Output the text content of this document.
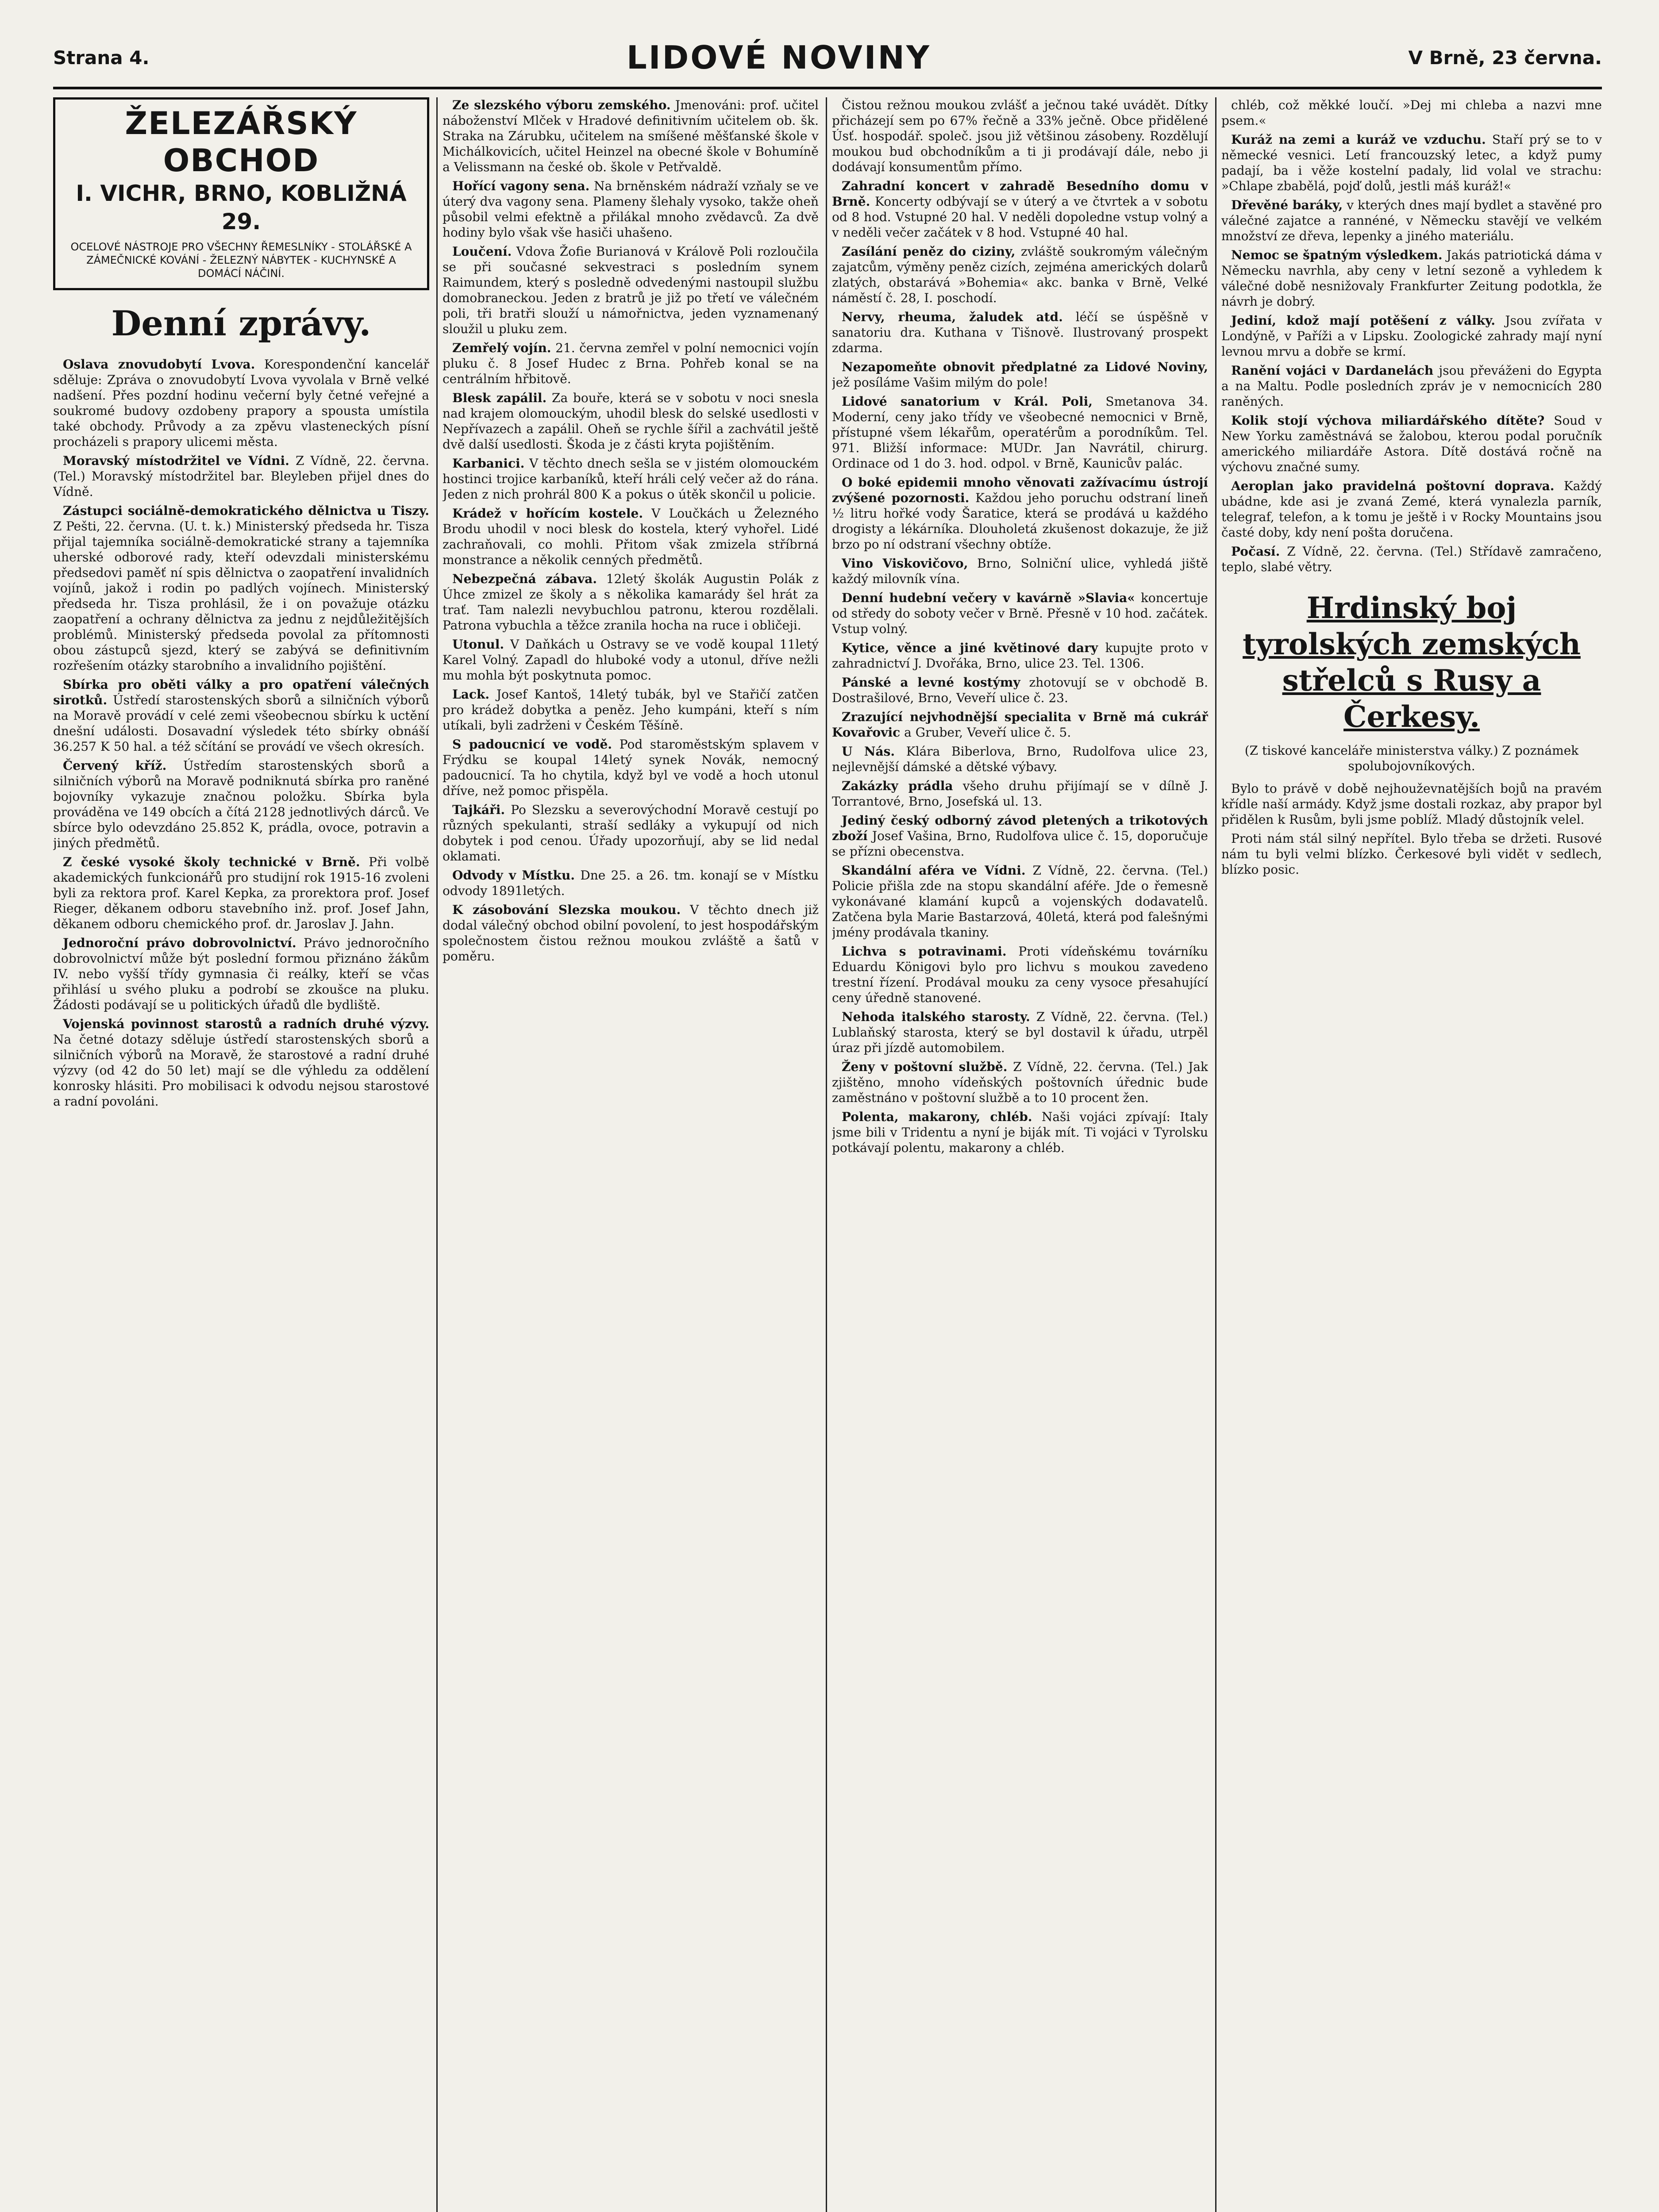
Strana 4.	LIDOVÉ NOVINY	V Brně, 23 června.
ŽELEZÁŘSKÝ OBCHOD
I. VICHR, BRNO, KOBLIŽNÁ 29.
OCELOVÉ NÁSTROJE PRO VŠECHNY ŘEMESLNÍKY - STOLÁŘSKÉ A ZÁMEČNICKÉ KOVÁNÍ - ŽELEZNÝ NÁBYTEK - KUCHYNSKÉ A DOMÁCÍ NÁČINÍ.
Denní zprávy.

Oslava znovudobytí Lvova. Korespondenční kancelář sděluje: Zpráva o znovudobytí Lvova vyvolala v Brně velké nadšení. Přes pozdní hodinu večerní byly četné veřejné a soukromé budovy ozdobeny prapory a spousta umístila také obchody. Průvody a za zpěvu vlasteneckých písní procházeli s prapory ulicemi města.

Moravský místodržitel ve Vídni. Z Vídně, 22. června. (Tel.) Moravský místodržitel bar. Bleyleben přijel dnes do Vídně.

Zástupci sociálně-demokratického dělnictva u Tiszy. Z Pešti, 22. června. (U. t. k.) Ministerský předseda hr. Tisza přijal tajemníka sociálně-demokratické strany a tajemníka uherské odborové rady, kteří odevzdali ministerskému předsedovi paměť ní spis dělnictva o zaopatření invalidních vojínů, jakož i rodin po padlých vojínech. Ministerský předseda hr. Tisza prohlásil, že i on považuje otázku zaopatření a ochrany dělnictva za jednu z nejdůležitějších problémů. Ministerský předseda povolal za přítomnosti obou zástupců sjezd, který se zabývá se definitivním rozřešením otázky starobního a invalidního pojištění.

Sbírka pro oběti války a pro opatření válečných sirotků. Ústředí starostenských sborů a silničních výborů na Moravě provádí v celé zemi všeobecnou sbírku k uctění dnešní události. Dosavadní výsledek této sbírky obnáší 36.257 K 50 hal. a též sčítání se provádí ve všech okresích.

Červený kříž. Ústředím starostenských sborů a silničních výborů na Moravě podniknutá sbírka pro raněné bojovníky vykazuje značnou položku. Sbírka byla prováděna ve 149 obcích a čítá 2128 jednotlivých dárců. Ve sbírce bylo odevzdáno 25.852 K, prádla, ovoce, potravin a jiných předmětů.

Z české vysoké školy technické v Brně. Při volbě akademických funkcionářů pro studijní rok 1915-16 zvoleni byli za rektora prof. Karel Kepka, za prorektora prof. Josef Rieger, děkanem odboru stavebního inž. prof. Josef Jahn, děkanem odboru chemického prof. dr. Jaroslav J. Jahn.

Jednoroční právo dobrovolnictví. Právo jednoročního dobrovolnictví může být poslední formou přiznáno žákům IV. nebo vyšší třídy gymnasia či reálky, kteří se včas přihlásí u svého pluku a podrobí se zkoušce na pluku. Žádosti podávají se u politických úřadů dle bydliště.

Vojenská povinnost starostů a radních druhé výzvy. Na četné dotazy sděluje ústředí starostenských sborů a silničních výborů na Moravě, že starostové a radní druhé výzvy (od 42 do 50 let) mají se dle výhledu za oddělení konrosky hlásiti. Pro mobilisaci k odvodu nejsou starostové a radní povoláni.

Ze slezského výboru zemského. Jmenováni: prof. učitel náboženství Mlček v Hradové definitivním učitelem ob. šk. Straka na Zárubku, učitelem na smíšené měšťanské škole v Michálkovicích, učitel Heinzel na obecné škole v Bohumíně a Velissmann na české ob. škole v Petřvaldě.

Hořící vagony sena. Na brněnském nádraží vzňaly se ve úterý dva vagony sena. Plameny šlehaly vysoko, takže oheň působil velmi efektně a přilákal mnoho zvědavců. Za dvě hodiny bylo však vše hasiči uhašeno.

Loučení. Vdova Žofie Burianová v Králově Poli rozloučila se při současné sekvestraci s posledním synem Raimundem, který s posledně odvedenými nastoupil službu domobraneckou. Jeden z bratrů je již po třetí ve válečném poli, tři bratři slouží u námořnictva, jeden vyznamenaný sloužil u pluku zem.

Zemřelý vojín. 21. června zemřel v polní nemocnici vojín pluku č. 8 Josef Hudec z Brna. Pohřeb konal se na centrálním hřbitově.

Blesk zapálil. Za bouře, která se v sobotu v noci snesla nad krajem olomouckým, uhodil blesk do selské usedlosti v Nepřívazech a zapálil. Oheň se rychle šířil a zachvátil ještě dvě další usedlosti. Škoda je z části kryta pojištěním.

Karbanici. V těchto dnech sešla se v jistém olomouckém hostinci trojice karbaníků, kteří hráli celý večer až do rána. Jeden z nich prohrál 800 K a pokus o útěk skončil u policie.

Krádež v hořícím kostele. V Loučkách u Železného Brodu uhodil v noci blesk do kostela, který vyhořel. Lidé zachraňovali, co mohli. Přitom však zmizela stříbrná monstrance a několik cenných předmětů.

Nebezpečná zábava. 12letý školák Augustin Polák z Úhce zmizel ze školy a s několika kamarády šel hrát za trať. Tam nalezli nevybuchlou patronu, kterou rozdělali. Patrona vybuchla a těžce zranila hocha na ruce i obličeji.

Utonul. V Daňkách u Ostravy se ve vodě koupal 11letý Karel Volný. Zapadl do hluboké vody a utonul, dříve nežli mu mohla být poskytnuta pomoc.

Lack. Josef Kantoš, 14letý tubák, byl ve Stařičí zatčen pro krádež dobytka a peněz. Jeho kumpáni, kteří s ním utíkali, byli zadrženi v Českém Těšíně.

S padoucnicí ve vodě. Pod staroměstským splavem v Frýdku se koupal 14letý synek Novák, nemocný padoucnicí. Ta ho chytila, když byl ve vodě a hoch utonul dříve, než pomoc přispěla.

Tajkáři. Po Slezsku a severovýchodní Moravě cestují po různých spekulanti, straší sedláky a vykupují od nich dobytek i pod cenou. Úřady upozorňují, aby se lid nedal oklamati.

Odvody v Místku. Dne 25. a 26. tm. konají se v Místku odvody 1891letých.

K zásobování Slezska moukou. V těchto dnech již dodal válečný obchod obilní povolení, to jest hospodářským společnostem čistou režnou moukou zvláště a šatů v poměru.

Čistou režnou moukou zvlášť a ječnou také uvádět. Dítky přicházejí sem po 67% řečně a 33% ječně. Obce přidělené Úsť. hospodář. společ. jsou již většinou zásobeny. Rozdělují moukou bud obchodníkům a ti ji prodávají dále, nebo ji dodávají konsumentům přímo.

Zahradní koncert v zahradě Besedního domu v Brně. Koncerty odbývají se v úterý a ve čtvrtek a v sobotu od 8 hod. Vstupné 20 hal. V neděli dopoledne vstup volný a v neděli večer začátek v 8 hod. Vstupné 40 hal.

Zasílání peněz do ciziny, zvláště soukromým válečným zajatcům, výměny peněz cizích, zejména amerických dolarů zlatých, obstarává »Bohemia« akc. banka v Brně, Velké náměstí č. 28, I. poschodí.

Nervy, rheuma, žaludek atd. léčí se úspěšně v sanatoriu dra. Kuthana v Tišnově. Ilustrovaný prospekt zdarma.

Nezapomeňte obnovit předplatné za Lidové Noviny, jež posíláme Vašim milým do pole!

Lidové sanatorium v Král. Poli, Smetanova 34. Moderní, ceny jako třídy ve všeobecné nemocnici v Brně, přístupné všem lékařům, operatérům a porodníkům. Tel. 971. Bližší informace: MUDr. Jan Navrátil, chirurg. Ordinace od 1 do 3. hod. odpol. v Brně, Kaunicův palác.

O boké epidemii mnoho věnovati zažívacímu ústrojí zvýšené pozornosti. Každou jeho poruchu odstraní lineň ½ litru hořké vody Šaratice, která se prodává u každého drogisty a lékárníka. Dlouholetá zkušenost dokazuje, že již brzo po ní odstraní všechny obtíže.

Vino Viskovičovo, Brno, Solniční ulice, vyhledá jiště každý milovník vína.

Denní hudební večery v kavárně »Slavia« koncertuje od středy do soboty večer v Brně. Přesně v 10 hod. začátek. Vstup volný.

Kytice, věnce a jiné květinové dary kupujte proto v zahradnictví J. Dvořáka, Brno, ulice 23. Tel. 1306.

Pánské a levné kostýmy zhotovují se v obchodě B. Dostrašilové, Brno, Veveří ulice č. 23.

Zrazující nejvhodnější specialita v Brně má cukrář Kovařovic a Gruber, Veveří ulice č. 5.

U Nás. Klára Biberlova, Brno, Rudolfova ulice 23, nejlevnější dámské a dětské výbavy.

Zakázky prádla všeho druhu přijímají se v dílně J. Torrantové, Brno, Josefská ul. 13.

Jediný český odborný závod pletených a trikotových zboží Josef Vašina, Brno, Rudolfova ulice č. 15, doporučuje se přízni obecenstva.

Skandální aféra ve Vídni. Z Vídně, 22. června. (Tel.) Policie přišla zde na stopu skandální aféře. Jde o řemesně vykonávané klamání kupců a vojenských dodavatelů. Zatčena byla Marie Bastarzová, 40letá, která pod falešnými jmény prodávala tkaniny.

Lichva s potravinami. Proti vídeňskému továrníku Eduardu Königovi bylo pro lichvu s moukou zavedeno trestní řízení. Prodával mouku za ceny vysoce přesahující ceny úředně stanovené.

Nehoda italského starosty. Z Vídně, 22. června. (Tel.) Lublaňský starosta, který se byl dostavil k úřadu, utrpěl úraz při jízdě automobilem.

Ženy v poštovní službě. Z Vídně, 22. června. (Tel.) Jak zjištěno, mnoho vídeňských poštovních úřednic bude zaměstnáno v poštovní službě a to 10 procent žen.

Polenta, makarony, chléb. Naši vojáci zpívají: Italy jsme bili v Tridentu a nyní je biják mít. Ti vojáci v Tyrolsku potkávají polentu, makarony a chléb.

chléb, což měkké loučí. »Dej mi chleba a nazvi mne psem.«

Kuráž na zemi a kuráž ve vzduchu. Staří prý se to v německé vesnici. Letí francouzský letec, a když pumy padají, ba i věže kostelní padaly, lid volal ve strachu: »Chlape zbabělá, pojď dolů, jestli máš kuráž!«

Dřevěné baráky, v kterých dnes mají bydlet a stavěné pro válečné zajatce a rannéné, v Německu stavějí ve velkém množství ze dřeva, lepenky a jiného materiálu.

Nemoc se špatným výsledkem. Jakás patriotická dáma v Německu navrhla, aby ceny v letní sezoně a vyhledem k válečné době nesnižovaly Frankfurter Zeitung podotkla, že návrh je dobrý.

Jediní, kdož mají potěšení z války. Jsou zvířata v Londýně, v Paříži a v Lipsku. Zoologické zahrady mají nyní levnou mrvu a dobře se krmí.

Ranění vojáci v Dardanelách jsou převáženi do Egypta a na Maltu. Podle posledních zpráv je v nemocnicích 280 raněných.

Kolik stojí výchova miliardářského dítěte? Soud v New Yorku zaměstnává se žalobou, kterou podal poručník amerického miliardáře Astora. Dítě dostává ročně na výchovu značné sumy.

Aeroplan jako pravidelná poštovní doprava. Každý ubádne, kde asi je zvaná Zemé, která vynalezla parník, telegraf, telefon, a k tomu je ještě i v Rocky Mountains jsou časté doby, kdy není pošta doručena.

Počasí. Z Vídně, 22. června. (Tel.) Střídavě zamračeno, teplo, slabé větry.

Hrdinský boj tyrolských zemských střelců s Rusy a Čerkesy.
(Z tiskové kanceláře ministerstva války.) Z poznámek spolubojovníkových.

Bylo to právě v době nejhouževnatějších bojů na pravém křídle naší armády. Když jsme dostali rozkaz, aby prapor byl přidělen k Rusům, byli jsme poblíž. Mladý důstojník velel.

Proti nám stál silný nepřítel. Bylo třeba se držeti. Rusové nám tu byli velmi blízko. Čerkesové byli vidět v sedlech, blízko posic.
